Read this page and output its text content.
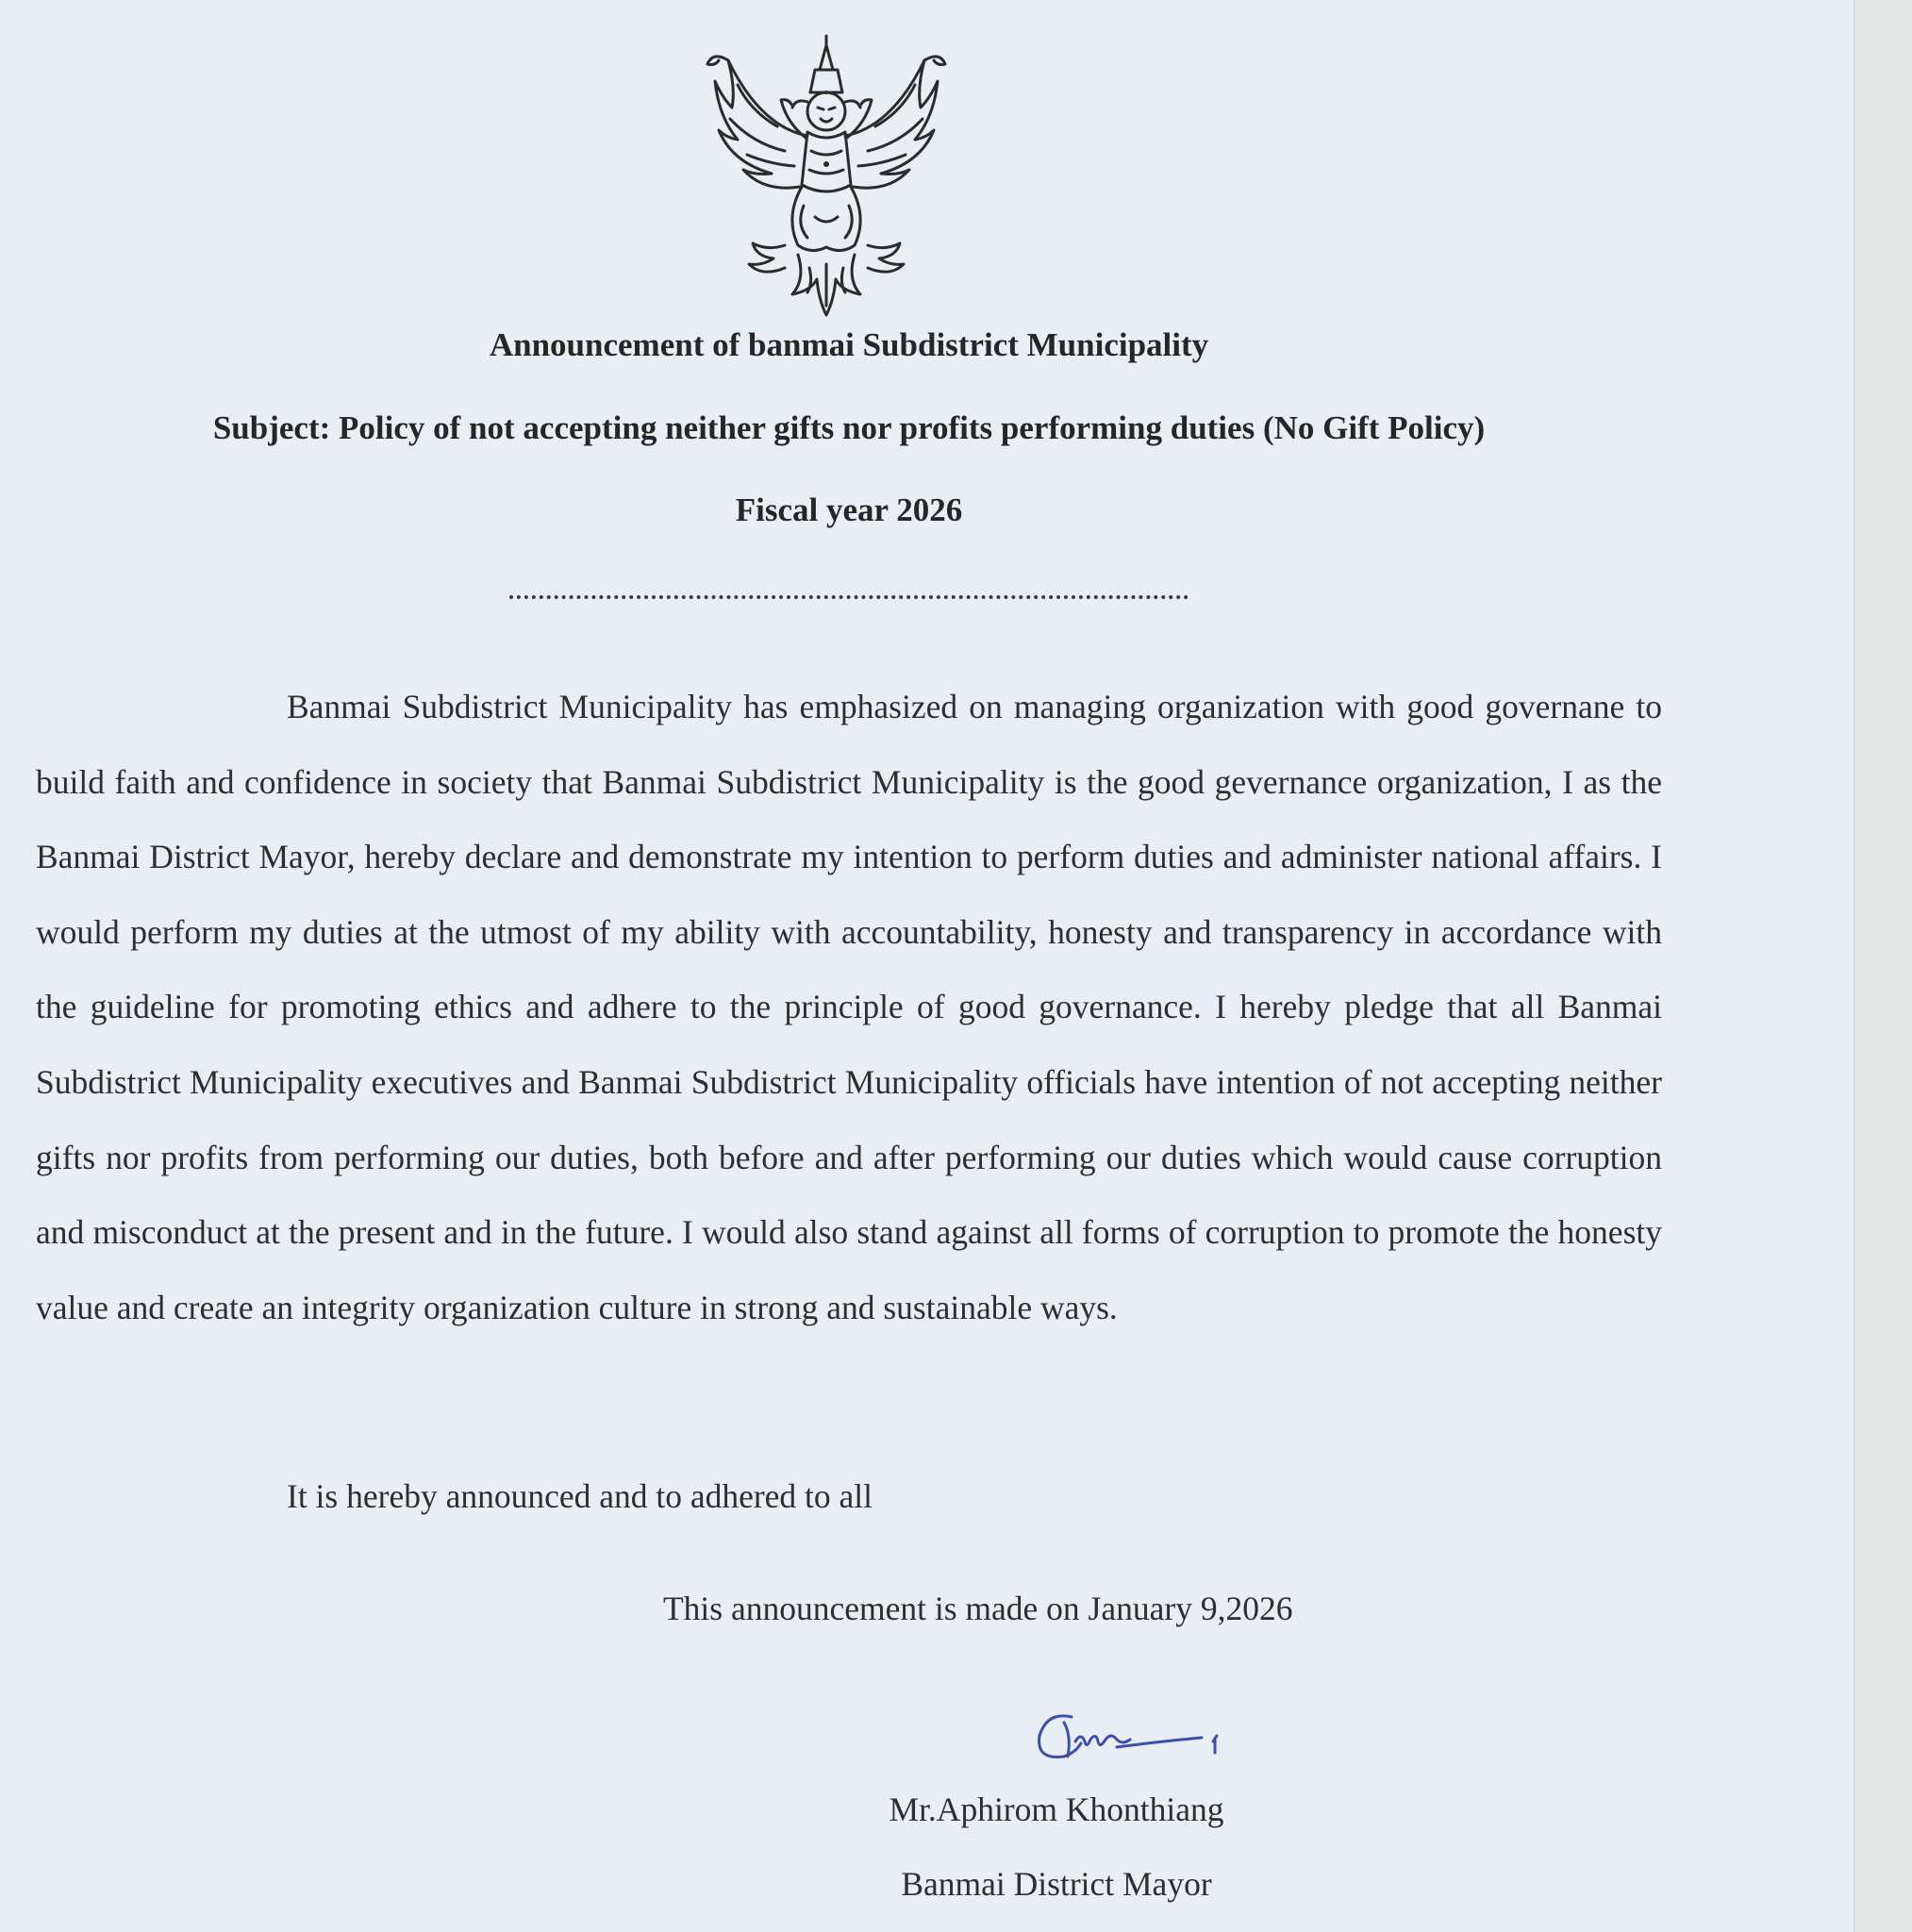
Announcement of banmai Subdistrict Municipality
Subject: Policy of not accepting neither gifts nor profits performing duties (No Gift Policy)
Fiscal year 2026
Banmai Subdistrict Municipality has emphasized on managing organization with good governane to build faith and confidence in society that Banmai Subdistrict Municipality is the good gevernance organization, I as the Banmai District Mayor, hereby declare and demonstrate my intention to perform duties and administer national affairs. I would perform my duties at the utmost of my ability with accountability, honesty and transparency in accordance with the guideline for promoting ethics and adhere to the principle of good governance. I hereby pledge that all Banmai Subdistrict Municipality executives and Banmai Subdistrict Municipality officials have intention of not accepting neither gifts nor profits from performing our duties, both before and after performing our duties which would cause corruption and misconduct at the present and in the future. I would also stand against all forms of corruption to promote the honesty value and create an integrity organization culture in strong and sustainable ways.
It is hereby announced and to adhered to all
This announcement is made on January 9,2026
Mr.Aphirom Khonthiang
Banmai District Mayor
